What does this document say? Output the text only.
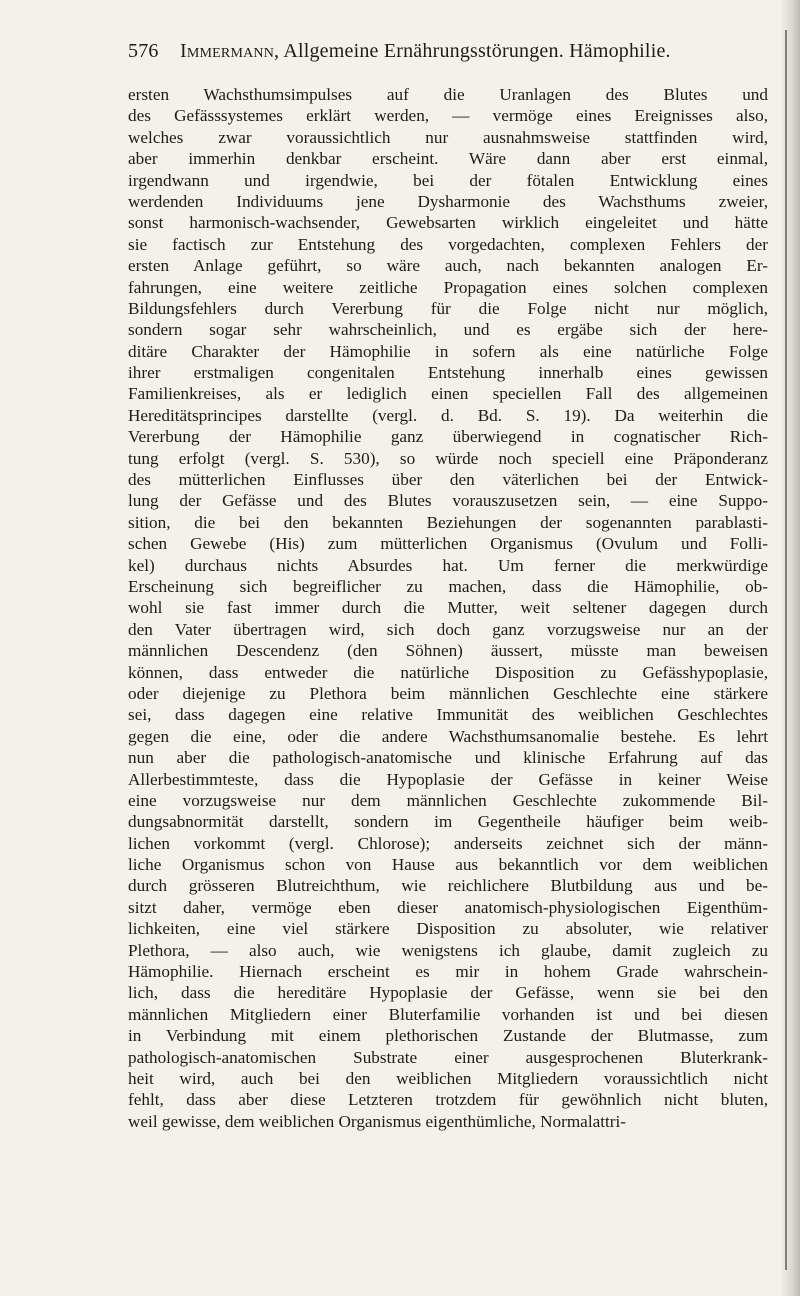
576 Immermann, Allgemeine Ernährungsstörungen. Hämophilie.
ersten Wachsthumsimpulses auf die Uranlagen des Blutes und
des Gefässsystemes erklärt werden, — vermöge eines Ereignisses also,
welches zwar voraussichtlich nur ausnahmsweise stattfinden wird,
aber immerhin denkbar erscheint. Wäre dann aber erst einmal,
irgendwann und irgendwie, bei der fötalen Entwicklung eines
werdenden Individuums jene Dysharmonie des Wachsthums zweier,
sonst harmonisch-wachsender, Gewebsarten wirklich eingeleitet und hätte
sie factisch zur Entstehung des vorgedachten, complexen Fehlers der
ersten Anlage geführt, so wäre auch, nach bekannten analogen Er-
fahrungen, eine weitere zeitliche Propagation eines solchen complexen
Bildungsfehlers durch Vererbung für die Folge nicht nur möglich,
sondern sogar sehr wahrscheinlich, und es ergäbe sich der here-
ditäre Charakter der Hämophilie in sofern als eine natürliche Folge
ihrer erstmaligen congenitalen Entstehung innerhalb eines gewissen
Familienkreises, als er lediglich einen speciellen Fall des allgemeinen
Hereditätsprincipes darstellte (vergl. d. Bd. S. 19). Da weiterhin die
Vererbung der Hämophilie ganz überwiegend in cognatischer Rich-
tung erfolgt (vergl. S. 530), so würde noch speciell eine Präponderanz
des mütterlichen Einflusses über den väterlichen bei der Entwick-
lung der Gefässe und des Blutes vorauszusetzen sein, — eine Suppo-
sition, die bei den bekannten Beziehungen der sogenannten parablasti-
schen Gewebe (His) zum mütterlichen Organismus (Ovulum und Folli-
kel) durchaus nichts Absurdes hat. Um ferner die merkwürdige
Erscheinung sich begreiflicher zu machen, dass die Hämophilie, ob-
wohl sie fast immer durch die Mutter, weit seltener dagegen durch
den Vater übertragen wird, sich doch ganz vorzugsweise nur an der
männlichen Descendenz (den Söhnen) äussert, müsste man beweisen
können, dass entweder die natürliche Disposition zu Gefässhypoplasie,
oder diejenige zu Plethora beim männlichen Geschlechte eine stärkere
sei, dass dagegen eine relative Immunität des weiblichen Geschlechtes
gegen die eine, oder die andere Wachsthumsanomalie bestehe. Es lehrt
nun aber die pathologisch-anatomische und klinische Erfahrung auf das
Allerbestimmteste, dass die Hypoplasie der Gefässe in keiner Weise
eine vorzugsweise nur dem männlichen Geschlechte zukommende Bil-
dungsabnormität darstellt, sondern im Gegentheile häufiger beim weib-
lichen vorkommt (vergl. Chlorose); anderseits zeichnet sich der männ-
liche Organismus schon von Hause aus bekanntlich vor dem weiblichen
durch grösseren Blutreichthum, wie reichlichere Blutbildung aus und be-
sitzt daher, vermöge eben dieser anatomisch-physiologischen Eigenthüm-
lichkeiten, eine viel stärkere Disposition zu absoluter, wie relativer
Plethora, — also auch, wie wenigstens ich glaube, damit zugleich zu
Hämophilie. Hiernach erscheint es mir in hohem Grade wahrschein-
lich, dass die hereditäre Hypoplasie der Gefässe, wenn sie bei den
männlichen Mitgliedern einer Bluterfamilie vorhanden ist und bei diesen
in Verbindung mit einem plethorischen Zustande der Blutmasse, zum
pathologisch-anatomischen Substrate einer ausgesprochenen Bluterkrank-
heit wird, auch bei den weiblichen Mitgliedern voraussichtlich nicht
fehlt, dass aber diese Letzteren trotzdem für gewöhnlich nicht bluten,
weil gewisse, dem weiblichen Organismus eigenthümliche, Normalattri-
